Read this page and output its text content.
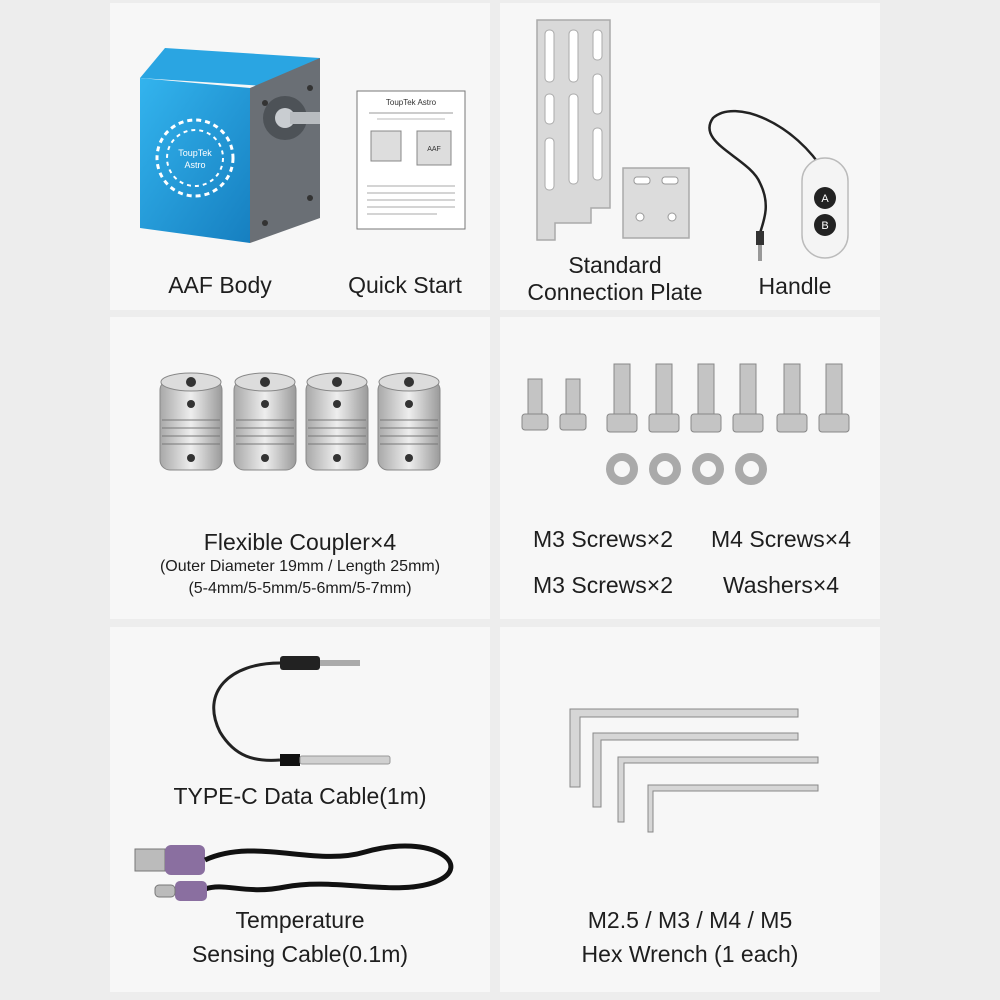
ToupTek
Astro
ToupTek Astro
AAF
AAF Body	Quick Start
A
B
Standard
Connection Plate	Handle
Flexible Coupler×4
(Outer Diameter 19mm / Length 25mm)
(5-4mm/5-5mm/5-6mm/5-7mm)
M3 Screws×2	M4 Screws×4
M3 Screws×2	Washers×4
TYPE-C Data Cable(1m)
Temperature
Sensing Cable(0.1m)
M2.5 / M3 / M4 / M5
Hex Wrench (1 each)
